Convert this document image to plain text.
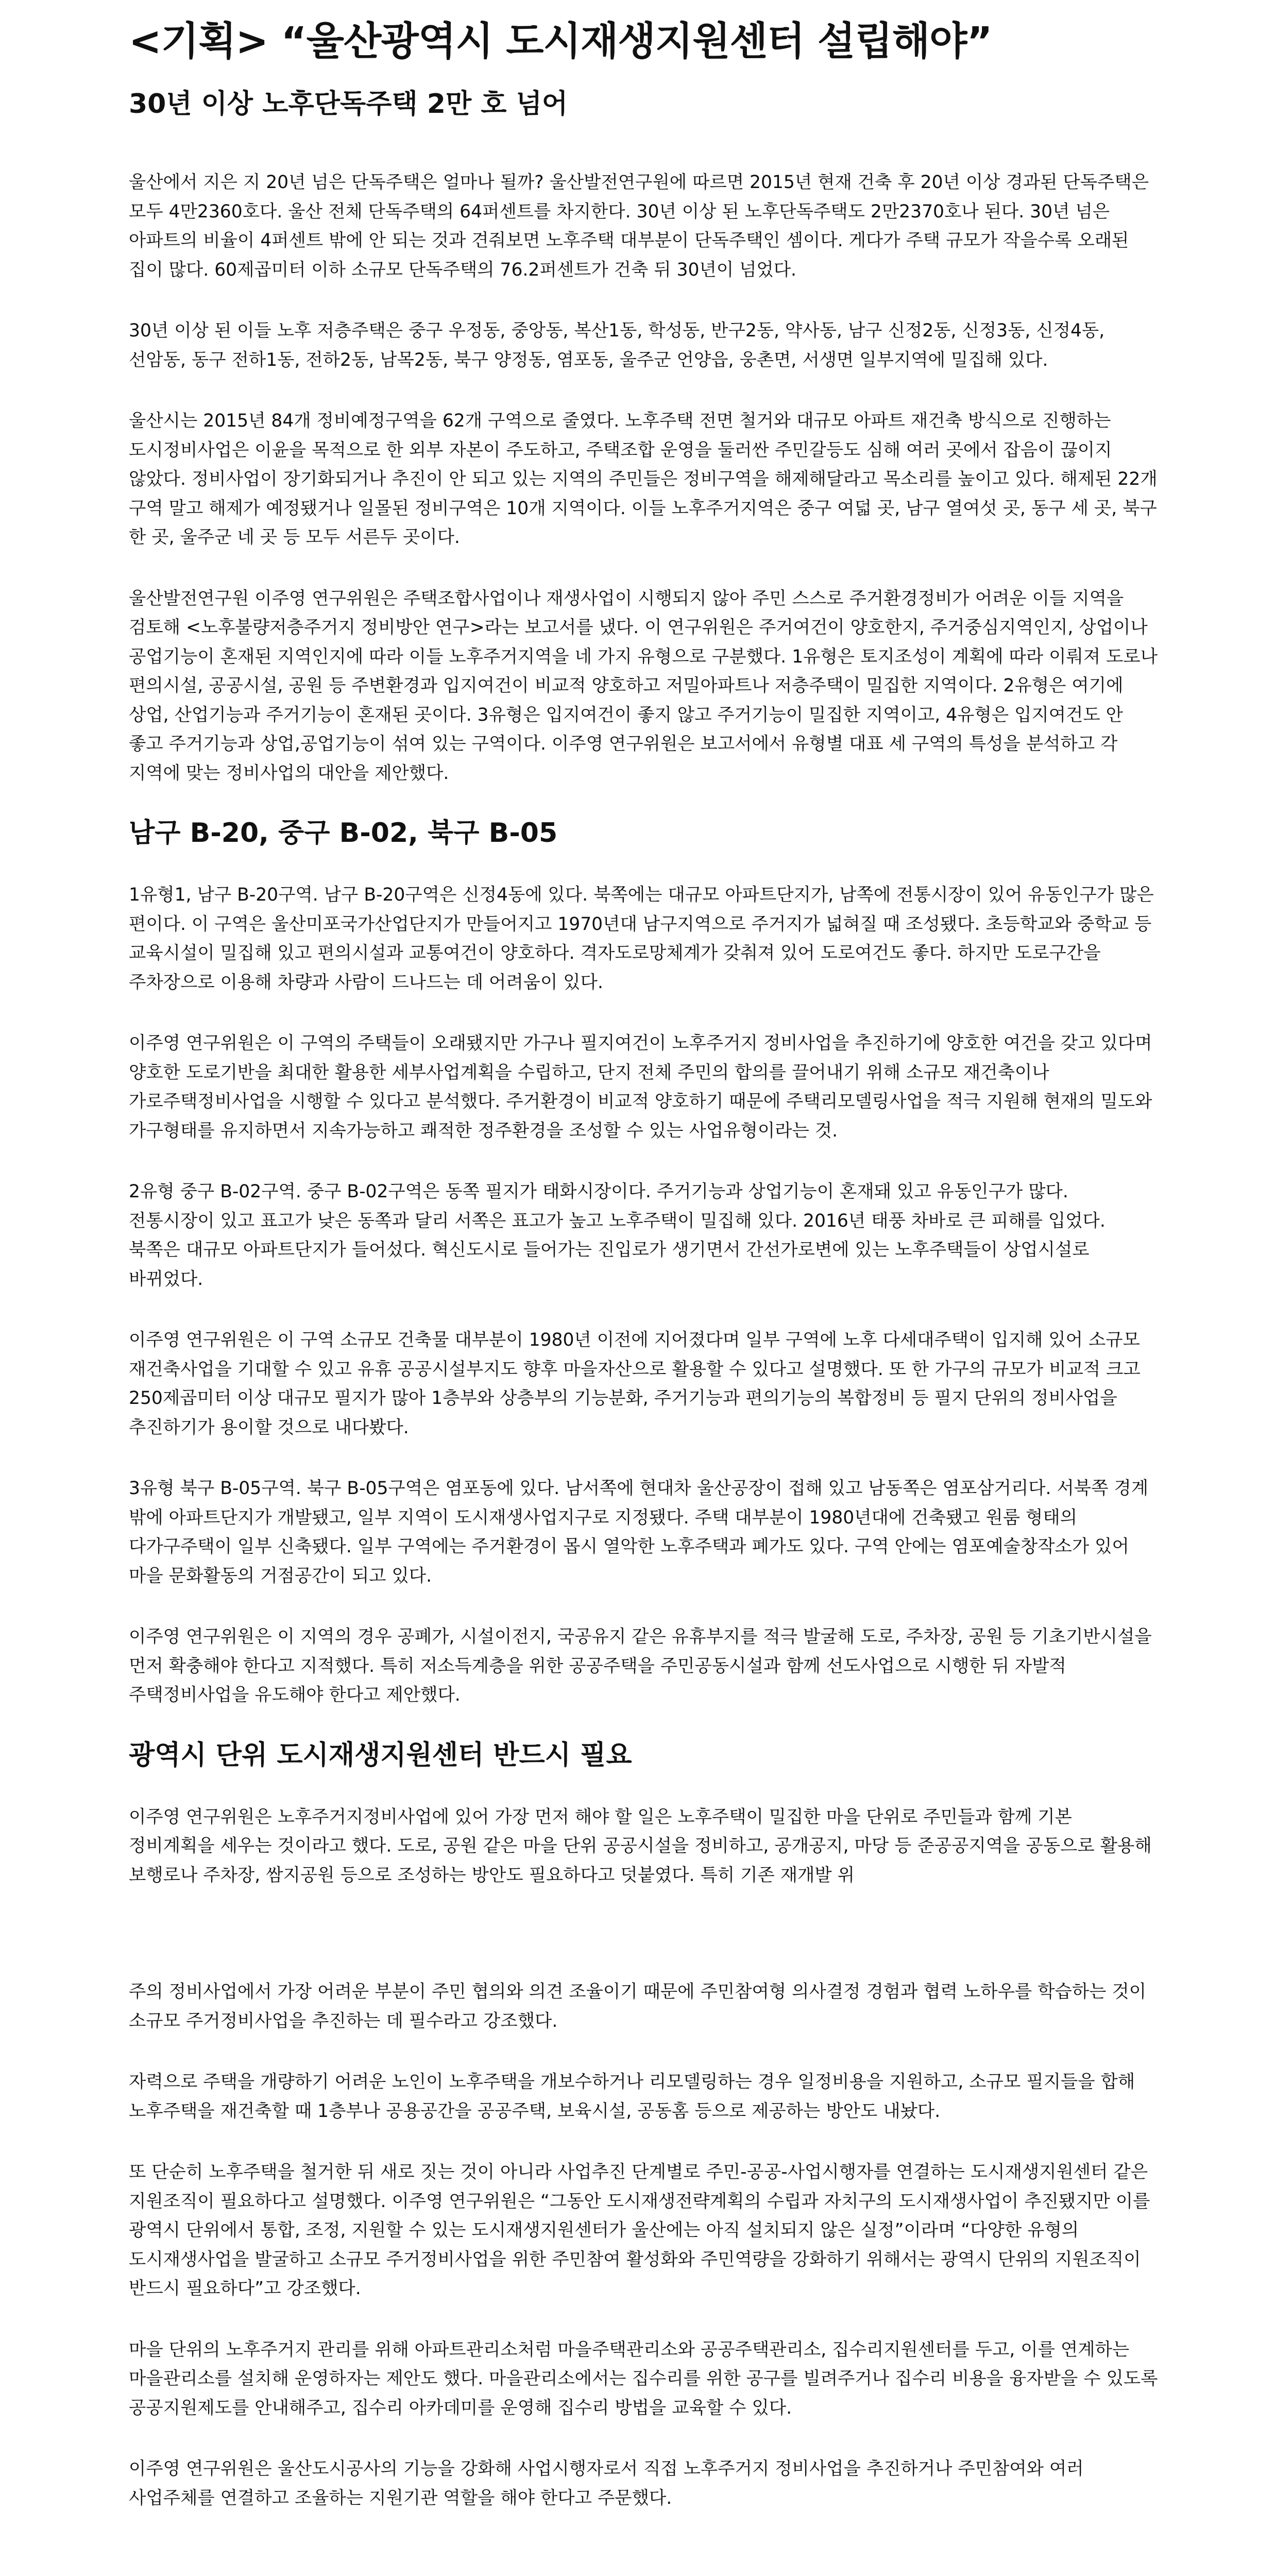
<기획> “울산광역시 도시재생지원센터 설립해야”
30년 이상 노후단독주택 2만 호 넘어

울산에서 지은 지 20년 넘은 단독주택은 얼마나 될까? 울산발전연구원에 따르면 2015년 현재 건축 후 20년 이상 경과된 단독주택은 모두 4만2360호다. 울산 전체 단독주택의 64퍼센트를 차지한다. 30년 이상 된 노후단독주택도 2만2370호나 된다. 30년 넘은 아파트의 비율이 4퍼센트 밖에 안 되는 것과 견줘보면 노후주택 대부분이 단독주택인 셈이다. 게다가 주택 규모가 작을수록 오래된 집이 많다. 60제곱미터 이하 소규모 단독주택의 76.2퍼센트가 건축 뒤 30년이 넘었다.

30년 이상 된 이들 노후 저층주택은 중구 우정동, 중앙동, 복산1동, 학성동, 반구2동, 약사동, 남구 신정2동, 신정3동, 신정4동, 선암동, 동구 전하1동, 전하2동, 남목2동, 북구 양정동, 염포동, 울주군 언양읍, 웅촌면, 서생면 일부지역에 밀집해 있다.

울산시는 2015년 84개 정비예정구역을 62개 구역으로 줄였다. 노후주택 전면 철거와 대규모 아파트 재건축 방식으로 진행하는 도시정비사업은 이윤을 목적으로 한 외부 자본이 주도하고, 주택조합 운영을 둘러싼 주민갈등도 심해 여러 곳에서 잡음이 끊이지 않았다. 정비사업이 장기화되거나 추진이 안 되고 있는 지역의 주민들은 정비구역을 해제해달라고 목소리를 높이고 있다. 해제된 22개 구역 말고 해제가 예정됐거나 일몰된 정비구역은 10개 지역이다. 이들 노후주거지역은 중구 여덟 곳, 남구 열여섯 곳, 동구 세 곳, 북구 한 곳, 울주군 네 곳 등 모두 서른두 곳이다.

울산발전연구원 이주영 연구위원은 주택조합사업이나 재생사업이 시행되지 않아 주민 스스로 주거환경정비가 어려운 이들 지역을 검토해 <노후불량저층주거지 정비방안 연구>라는 보고서를 냈다. 이 연구위원은 주거여건이 양호한지, 주거중심지역인지, 상업이나 공업기능이 혼재된 지역인지에 따라 이들 노후주거지역을 네 가지 유형으로 구분했다. 1유형은 토지조성이 계획에 따라 이뤄져 도로나 편의시설, 공공시설, 공원 등 주변환경과 입지여건이 비교적 양호하고 저밀아파트나 저층주택이 밀집한 지역이다. 2유형은 여기에 상업, 산업기능과 주거기능이 혼재된 곳이다. 3유형은 입지여건이 좋지 않고 주거기능이 밀집한 지역이고, 4유형은 입지여건도 안 좋고 주거기능과 상업,공업기능이 섞여 있는 구역이다. 이주영 연구위원은 보고서에서 유형별 대표 세 구역의 특성을 분석하고 각 지역에 맞는 정비사업의 대안을 제안했다.

남구 B-20, 중구 B-02, 북구 B-05

1유형1, 남구 B-20구역. 남구 B-20구역은 신정4동에 있다. 북쪽에는 대규모 아파트단지가, 남쪽에 전통시장이 있어 유동인구가 많은 편이다. 이 구역은 울산미포국가산업단지가 만들어지고 1970년대 남구지역으로 주거지가 넓혀질 때 조성됐다. 초등학교와 중학교 등 교육시설이 밀집해 있고 편의시설과 교통여건이 양호하다. 격자도로망체계가 갖춰져 있어 도로여건도 좋다. 하지만 도로구간을 주차장으로 이용해 차량과 사람이 드나드는 데 어려움이 있다.

이주영 연구위원은 이 구역의 주택들이 오래됐지만 가구나 필지여건이 노후주거지 정비사업을 추진하기에 양호한 여건을 갖고 있다며 양호한 도로기반을 최대한 활용한 세부사업계획을 수립하고, 단지 전체 주민의 합의를 끌어내기 위해 소규모 재건축이나 가로주택정비사업을 시행할 수 있다고 분석했다. 주거환경이 비교적 양호하기 때문에 주택리모델링사업을 적극 지원해 현재의 밀도와 가구형태를 유지하면서 지속가능하고 쾌적한 정주환경을 조성할 수 있는 사업유형이라는 것.

2유형 중구 B-02구역. 중구 B-02구역은 동쪽 필지가 태화시장이다. 주거기능과 상업기능이 혼재돼 있고 유동인구가 많다. 전통시장이 있고 표고가 낮은 동쪽과 달리 서쪽은 표고가 높고 노후주택이 밀집해 있다. 2016년 태풍 차바로 큰 피해를 입었다. 북쪽은 대규모 아파트단지가 들어섰다. 혁신도시로 들어가는 진입로가 생기면서 간선가로변에 있는 노후주택들이 상업시설로 바뀌었다.

이주영 연구위원은 이 구역 소규모 건축물 대부분이 1980년 이전에 지어졌다며 일부 구역에 노후 다세대주택이 입지해 있어 소규모 재건축사업을 기대할 수 있고 유휴 공공시설부지도 향후 마을자산으로 활용할 수 있다고 설명했다. 또 한 가구의 규모가 비교적 크고 250제곱미터 이상 대규모 필지가 많아 1층부와 상층부의 기능분화, 주거기능과 편의기능의 복합정비 등 필지 단위의 정비사업을 추진하기가 용이할 것으로 내다봤다.

3유형 북구 B-05구역. 북구 B-05구역은 염포동에 있다. 남서쪽에 현대차 울산공장이 접해 있고 남동쪽은 염포삼거리다. 서북쪽 경계 밖에 아파트단지가 개발됐고, 일부 지역이 도시재생사업지구로 지정됐다. 주택 대부분이 1980년대에 건축됐고 원룸 형태의 다가구주택이 일부 신축됐다. 일부 구역에는 주거환경이 몹시 열악한 노후주택과 폐가도 있다. 구역 안에는 염포예술창작소가 있어 마을 문화활동의 거점공간이 되고 있다.

이주영 연구위원은 이 지역의 경우 공폐가, 시설이전지, 국공유지 같은 유휴부지를 적극 발굴해 도로, 주차장, 공원 등 기초기반시설을 먼저 확충해야 한다고 지적했다. 특히 저소득계층을 위한 공공주택을 주민공동시설과 함께 선도사업으로 시행한 뒤 자발적 주택정비사업을 유도해야 한다고 제안했다.

광역시 단위 도시재생지원센터 반드시 필요

이주영 연구위원은 노후주거지정비사업에 있어 가장 먼저 해야 할 일은 노후주택이 밀집한 마을 단위로 주민들과 함께 기본 정비계획을 세우는 것이라고 했다. 도로, 공원 같은 마을 단위 공공시설을 정비하고, 공개공지, 마당 등 준공공지역을 공동으로 활용해 보행로나 주차장, 쌈지공원 등으로 조성하는 방안도 필요하다고 덧붙였다. 특히 기존 재개발 위

주의 정비사업에서 가장 어려운 부분이 주민 협의와 의견 조율이기 때문에 주민참여형 의사결정 경험과 협력 노하우를 학습하는 것이 소규모 주거정비사업을 추진하는 데 필수라고 강조했다.

자력으로 주택을 개량하기 어려운 노인이 노후주택을 개보수하거나 리모델링하는 경우 일정비용을 지원하고, 소규모 필지들을 합해 노후주택을 재건축할 때 1층부나 공용공간을 공공주택, 보육시설, 공동홈 등으로 제공하는 방안도 내놨다.

또 단순히 노후주택을 철거한 뒤 새로 짓는 것이 아니라 사업추진 단계별로 주민-공공-사업시행자를 연결하는 도시재생지원센터 같은 지원조직이 필요하다고 설명했다. 이주영 연구위원은 “그동안 도시재생전략계획의 수립과 자치구의 도시재생사업이 추진됐지만 이를 광역시 단위에서 통합, 조정, 지원할 수 있는 도시재생지원센터가 울산에는 아직 설치되지 않은 실정”이라며 “다양한 유형의 도시재생사업을 발굴하고 소규모 주거정비사업을 위한 주민참여 활성화와 주민역량을 강화하기 위해서는 광역시 단위의 지원조직이 반드시 필요하다”고 강조했다.

마을 단위의 노후주거지 관리를 위해 아파트관리소처럼 마을주택관리소와 공공주택관리소, 집수리지원센터를 두고, 이를 연계하는 마을관리소를 설치해 운영하자는 제안도 했다. 마을관리소에서는 집수리를 위한 공구를 빌려주거나 집수리 비용을 융자받을 수 있도록 공공지원제도를 안내해주고, 집수리 아카데미를 운영해 집수리 방법을 교육할 수 있다.

이주영 연구위원은 울산도시공사의 기능을 강화해 사업시행자로서 직접 노후주거지 정비사업을 추진하거나 주민참여와 여러 사업주체를 연결하고 조율하는 지원기관 역할을 해야 한다고 주문했다.
